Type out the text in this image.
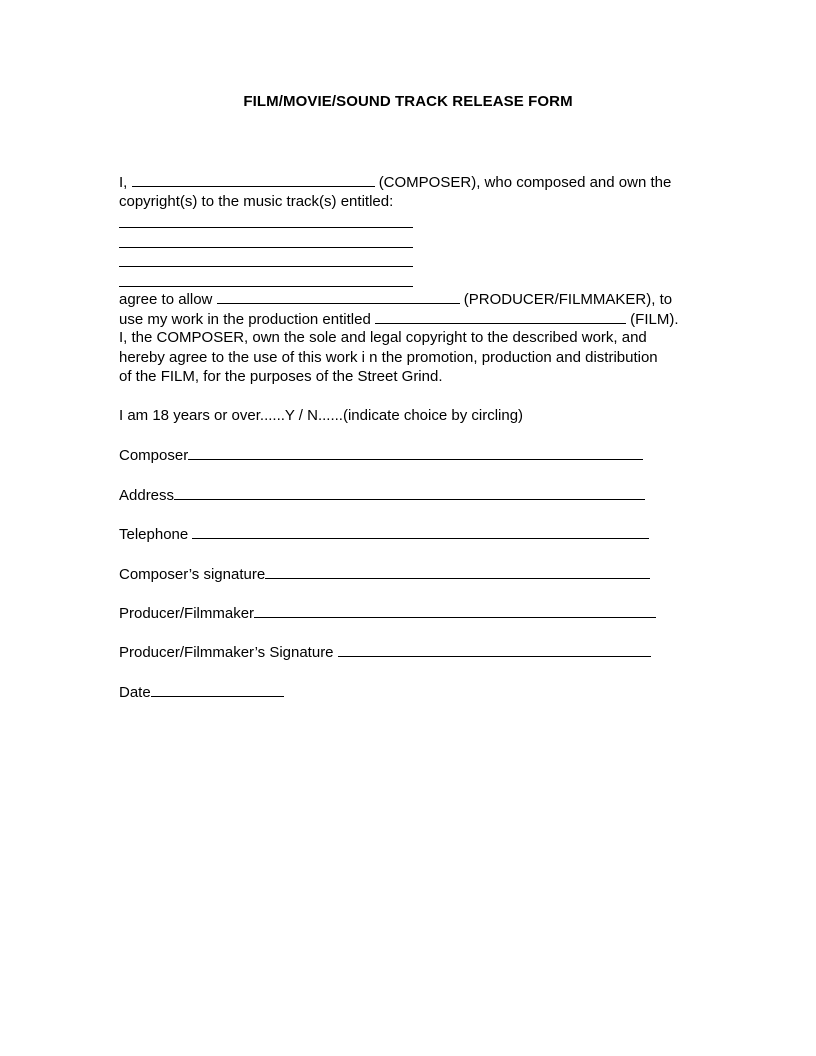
FILM/MOVIE/SOUND TRACK RELEASE FORM
I,	(COMPOSER), who composed and own the
copyright(s) to the music track(s) entitled:
agree to allow	(PRODUCER/FILMMAKER), to
use my work in the production entitled	(FILM).
I, the COMPOSER, own the sole and legal copyright to the described work, and
hereby agree to the use of this work i n the promotion, production and distribution
of the FILM, for the purposes of the Street Grind.
I am 18 years or over......Y / N......(indicate choice by circling)
Composer
Address
Telephone
Composer’s signature
Producer/Filmmaker
Producer/Filmmaker’s Signature
Date
